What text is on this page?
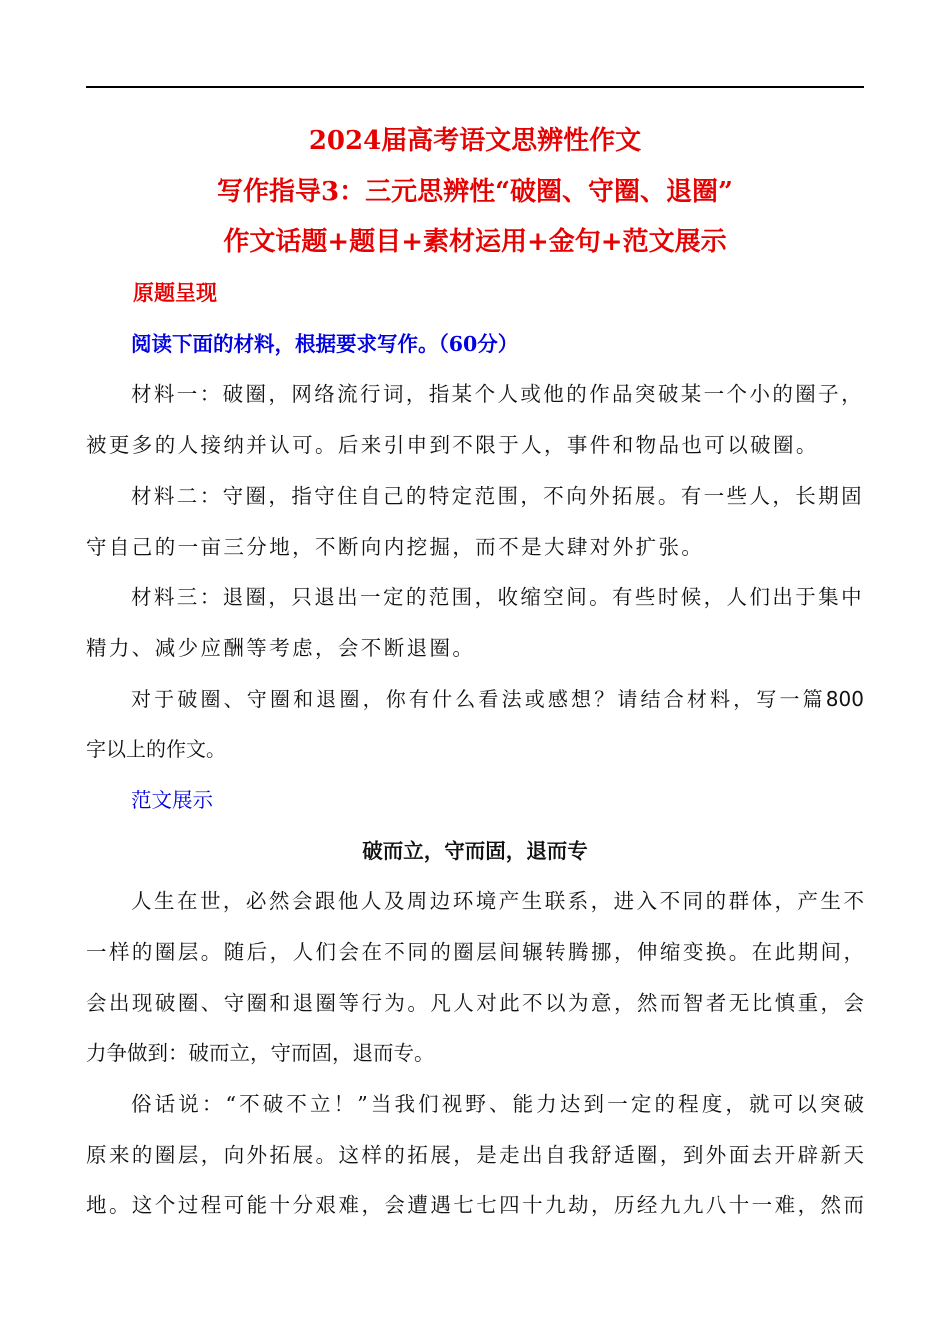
2024届高考语文思辨性作文
写作指导3：三元思辨性“破圈、守圈、退圈”
作文话题+题目+素材运用+金句+范文展示
原题呈现
阅读下面的材料，根据要求写作。（60分）
材料一：破圈，网络流行词，指某个人或他的作品突破某一个小的圈子，
被更多的人接纳并认可。后来引申到不限于人，事件和物品也可以破圈。
材料二：守圈，指守住自己的特定范围，不向外拓展。有一些人，长期固
守自己的一亩三分地，不断向内挖掘，而不是大肆对外扩张。
材料三：退圈，只退出一定的范围，收缩空间。有些时候，人们出于集中
精力、减少应酬等考虑，会不断退圈。
对于破圈、守圈和退圈，你有什么看法或感想？请结合材料，写一篇800
字以上的作文。
范文展示
破而立，守而固，退而专
人生在世，必然会跟他人及周边环境产生联系，进入不同的群体，产生不
一样的圈层。随后，人们会在不同的圈层间辗转腾挪，伸缩变换。在此期间，
会出现破圈、守圈和退圈等行为。凡人对此不以为意，然而智者无比慎重，会
力争做到：破而立，守而固，退而专。
俗话说：“不破不立！”当我们视野、能力达到一定的程度，就可以突破
原来的圈层，向外拓展。这样的拓展，是走出自我舒适圈，到外面去开辟新天
地。这个过程可能十分艰难，会遭遇七七四十九劫，历经九九八十一难，然而
